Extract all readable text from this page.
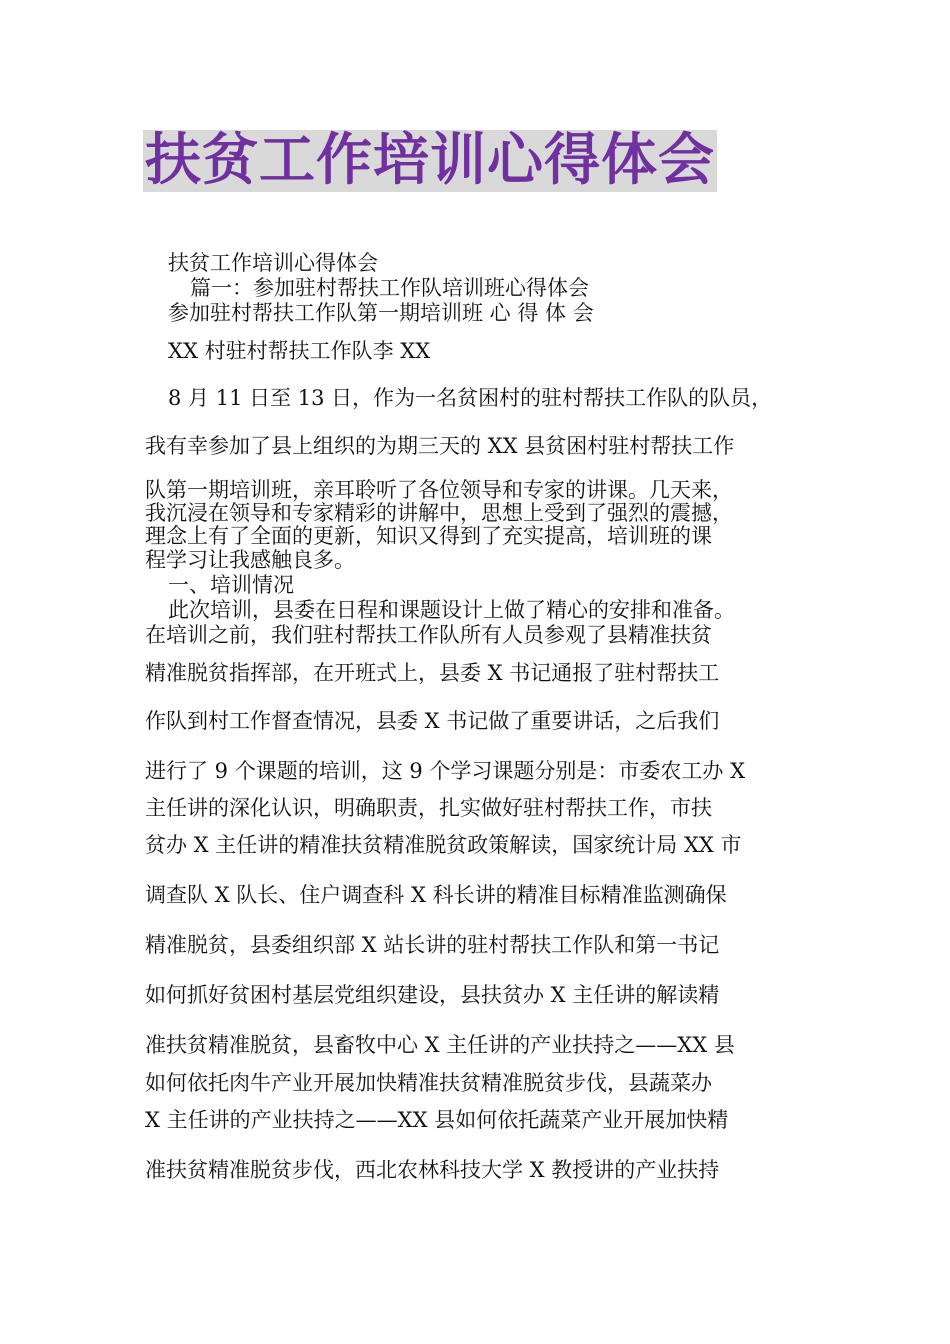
扶贫工作培训心得体会
扶贫工作培训心得体会
篇一：参加驻村帮扶工作队培训班心得体会
参加驻村帮扶工作队第一期培训班 心 得 体 会
XX 村驻村帮扶工作队李 XX
8 月 11 日至 13 日，作为一名贫困村的驻村帮扶工作队的队员，
我有幸参加了县上组织的为期三天的 XX 县贫困村驻村帮扶工作
队第一期培训班，亲耳聆听了各位领导和专家的讲课。几天来，
我沉浸在领导和专家精彩的讲解中，思想上受到了强烈的震撼，
理念上有了全面的更新，知识又得到了充实提高，培训班的课
程学习让我感触良多。
一、培训情况
此次培训，县委在日程和课题设计上做了精心的安排和准备。
在培训之前，我们驻村帮扶工作队所有人员参观了县精准扶贫
精准脱贫指挥部，在开班式上，县委 X 书记通报了驻村帮扶工
作队到村工作督查情况，县委 X 书记做了重要讲话，之后我们
进行了 9 个课题的培训，这 9 个学习课题分别是：市委农工办 X
主任讲的深化认识，明确职责，扎实做好驻村帮扶工作，市扶
贫办 X 主任讲的精准扶贫精准脱贫政策解读，国家统计局 XX 市
调查队 X 队长、住户调查科 X 科长讲的精准目标精准监测确保
精准脱贫，县委组织部 X 站长讲的驻村帮扶工作队和第一书记
如何抓好贫困村基层党组织建设，县扶贫办 X 主任讲的解读精
准扶贫精准脱贫，县畜牧中心 X 主任讲的产业扶持之——XX 县
如何依托肉牛产业开展加快精准扶贫精准脱贫步伐，县蔬菜办
X 主任讲的产业扶持之——XX 县如何依托蔬菜产业开展加快精
准扶贫精准脱贫步伐，西北农林科技大学 X 教授讲的产业扶持
